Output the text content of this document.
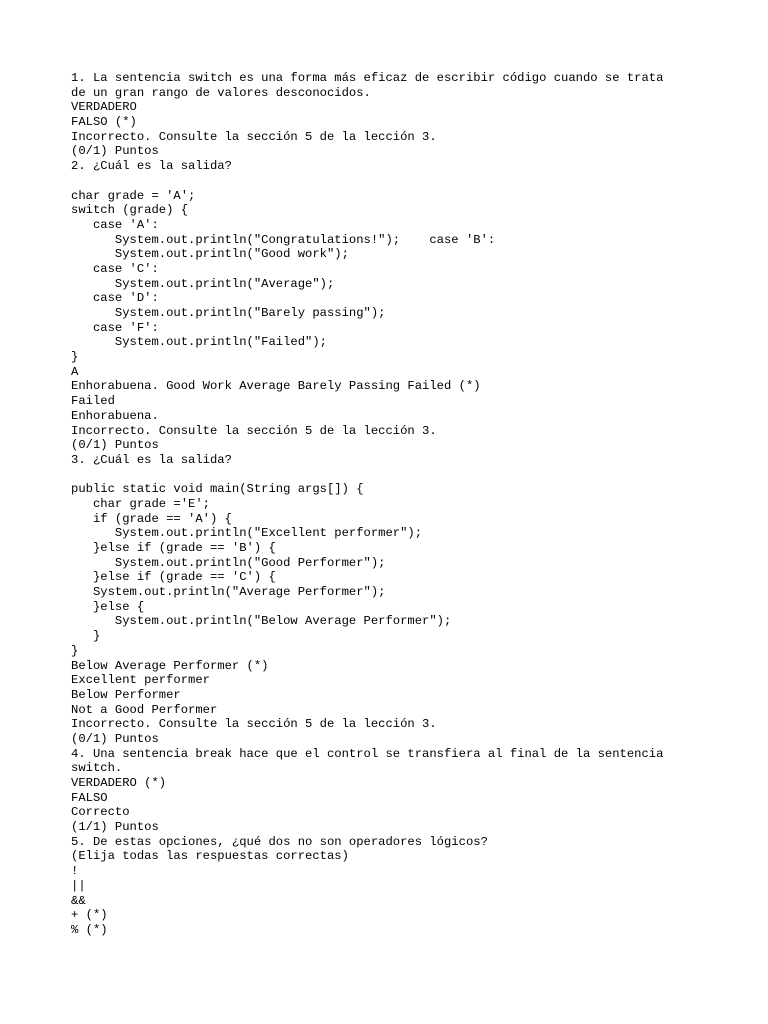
1. La sentencia switch es una forma más eficaz de escribir código cuando se trata
de un gran rango de valores desconocidos.
VERDADERO
FALSO (*)
Incorrecto. Consulte la sección 5 de la lección 3.
(0/1) Puntos
2. ¿Cuál es la salida?
char grade = 'A';
switch (grade) {
case 'A':
System.out.println("Congratulations!");    case 'B':
System.out.println("Good work");
case 'C':
System.out.println("Average");
case 'D':
System.out.println("Barely passing");
case 'F':
System.out.println("Failed");
}
A
Enhorabuena. Good Work Average Barely Passing Failed (*)
Failed
Enhorabuena.
Incorrecto. Consulte la sección 5 de la lección 3.
(0/1) Puntos
3. ¿Cuál es la salida?
public static void main(String args[]) {
char grade ='E';
if (grade == 'A') {
System.out.println("Excellent performer");
}else if (grade == 'B') {
System.out.println("Good Performer");
}else if (grade == 'C') {
System.out.println("Average Performer");
}else {
System.out.println("Below Average Performer");
}
}
Below Average Performer (*)
Excellent performer
Below Performer
Not a Good Performer
Incorrecto. Consulte la sección 5 de la lección 3.
(0/1) Puntos
4. Una sentencia break hace que el control se transfiera al final de la sentencia
switch.
VERDADERO (*)
FALSO
Correcto
(1/1) Puntos
5. De estas opciones, ¿qué dos no son operadores lógicos?
(Elija todas las respuestas correctas)
!
||
&&
+ (*)
% (*)
